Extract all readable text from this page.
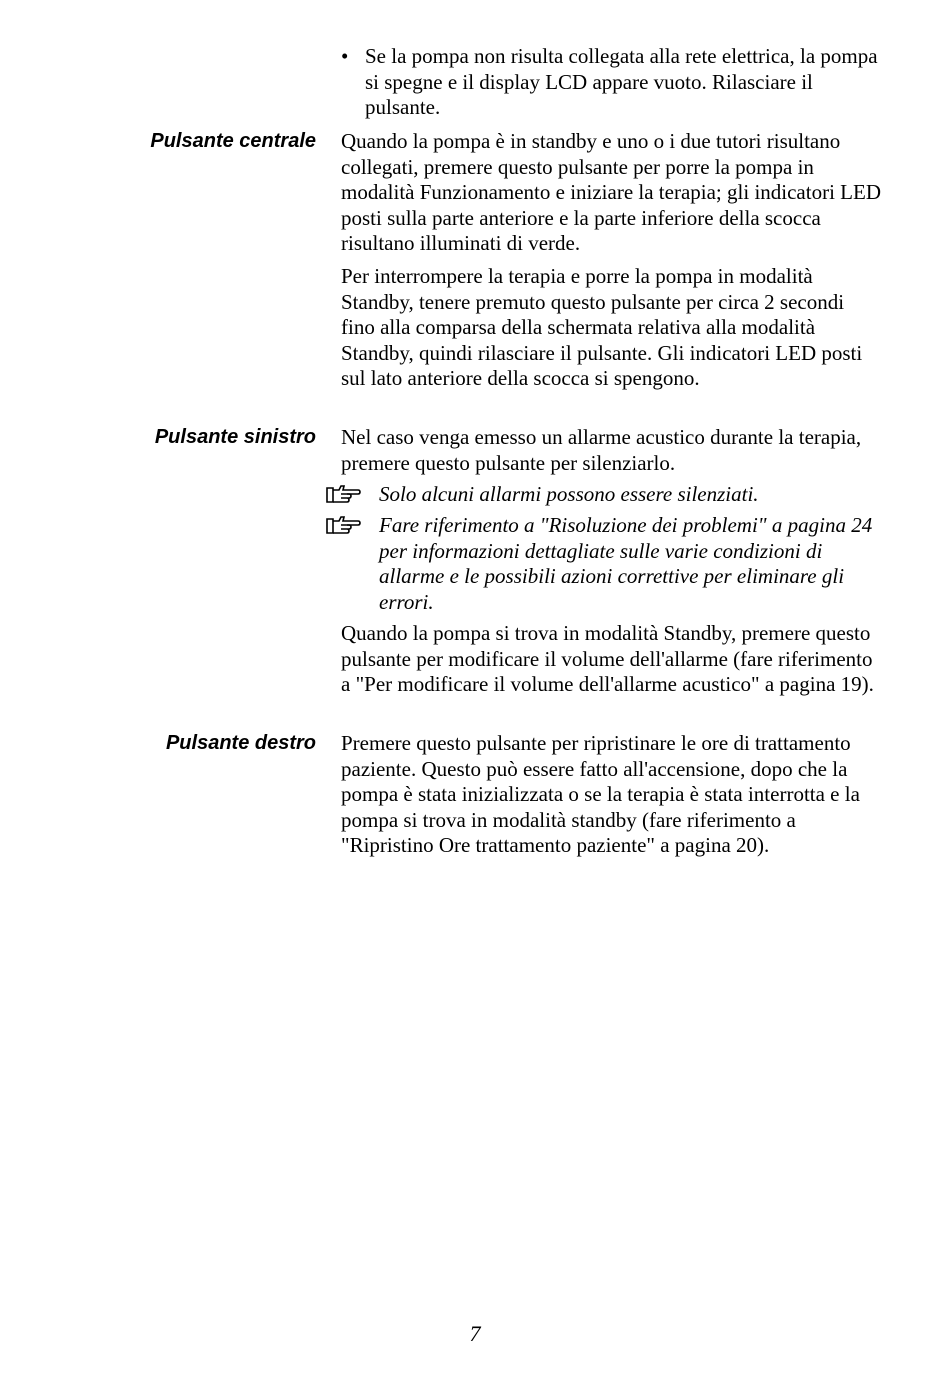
• Se la pompa non risulta collegata alla rete elettrica, la pompa si spegne e il display LCD appare vuoto. Rilasciare il pulsante.
Pulsante centrale Quando la pompa è in standby e uno o i due tutori risultano collegati, premere questo pulsante per porre la pompa in modalità Funzionamento e iniziare la terapia; gli indicatori LED posti sulla parte anteriore e la parte inferiore della scocca risultano illuminati di verde.
Per interrompere la terapia e porre la pompa in modalità Standby, tenere premuto questo pulsante per circa 2 secondi fino alla comparsa della schermata relativa alla modalità Standby, quindi rilasciare il pulsante. Gli indicatori LED posti sul lato anteriore della scocca si spengono.
Pulsante sinistro Nel caso venga emesso un allarme acustico durante la terapia, premere questo pulsante per silenziarlo.
Solo alcuni allarmi possono essere silenziati.
Fare riferimento a "Risoluzione dei problemi" a pagina 24 per informazioni dettagliate sulle varie condizioni di allarme e le possibili azioni correttive per eliminare gli errori.
Quando la pompa si trova in modalità Standby, premere questo pulsante per modificare il volume dell'allarme (fare riferimento a "Per modificare il volume dell'allarme acustico" a pagina 19).
Pulsante destro Premere questo pulsante per ripristinare le ore di trattamento paziente. Questo può essere fatto all'accensione, dopo che la pompa è stata inizializzata o se la terapia è stata interrotta e la pompa si trova in modalità standby (fare riferimento a "Ripristino Ore trattamento paziente" a pagina 20).
7
